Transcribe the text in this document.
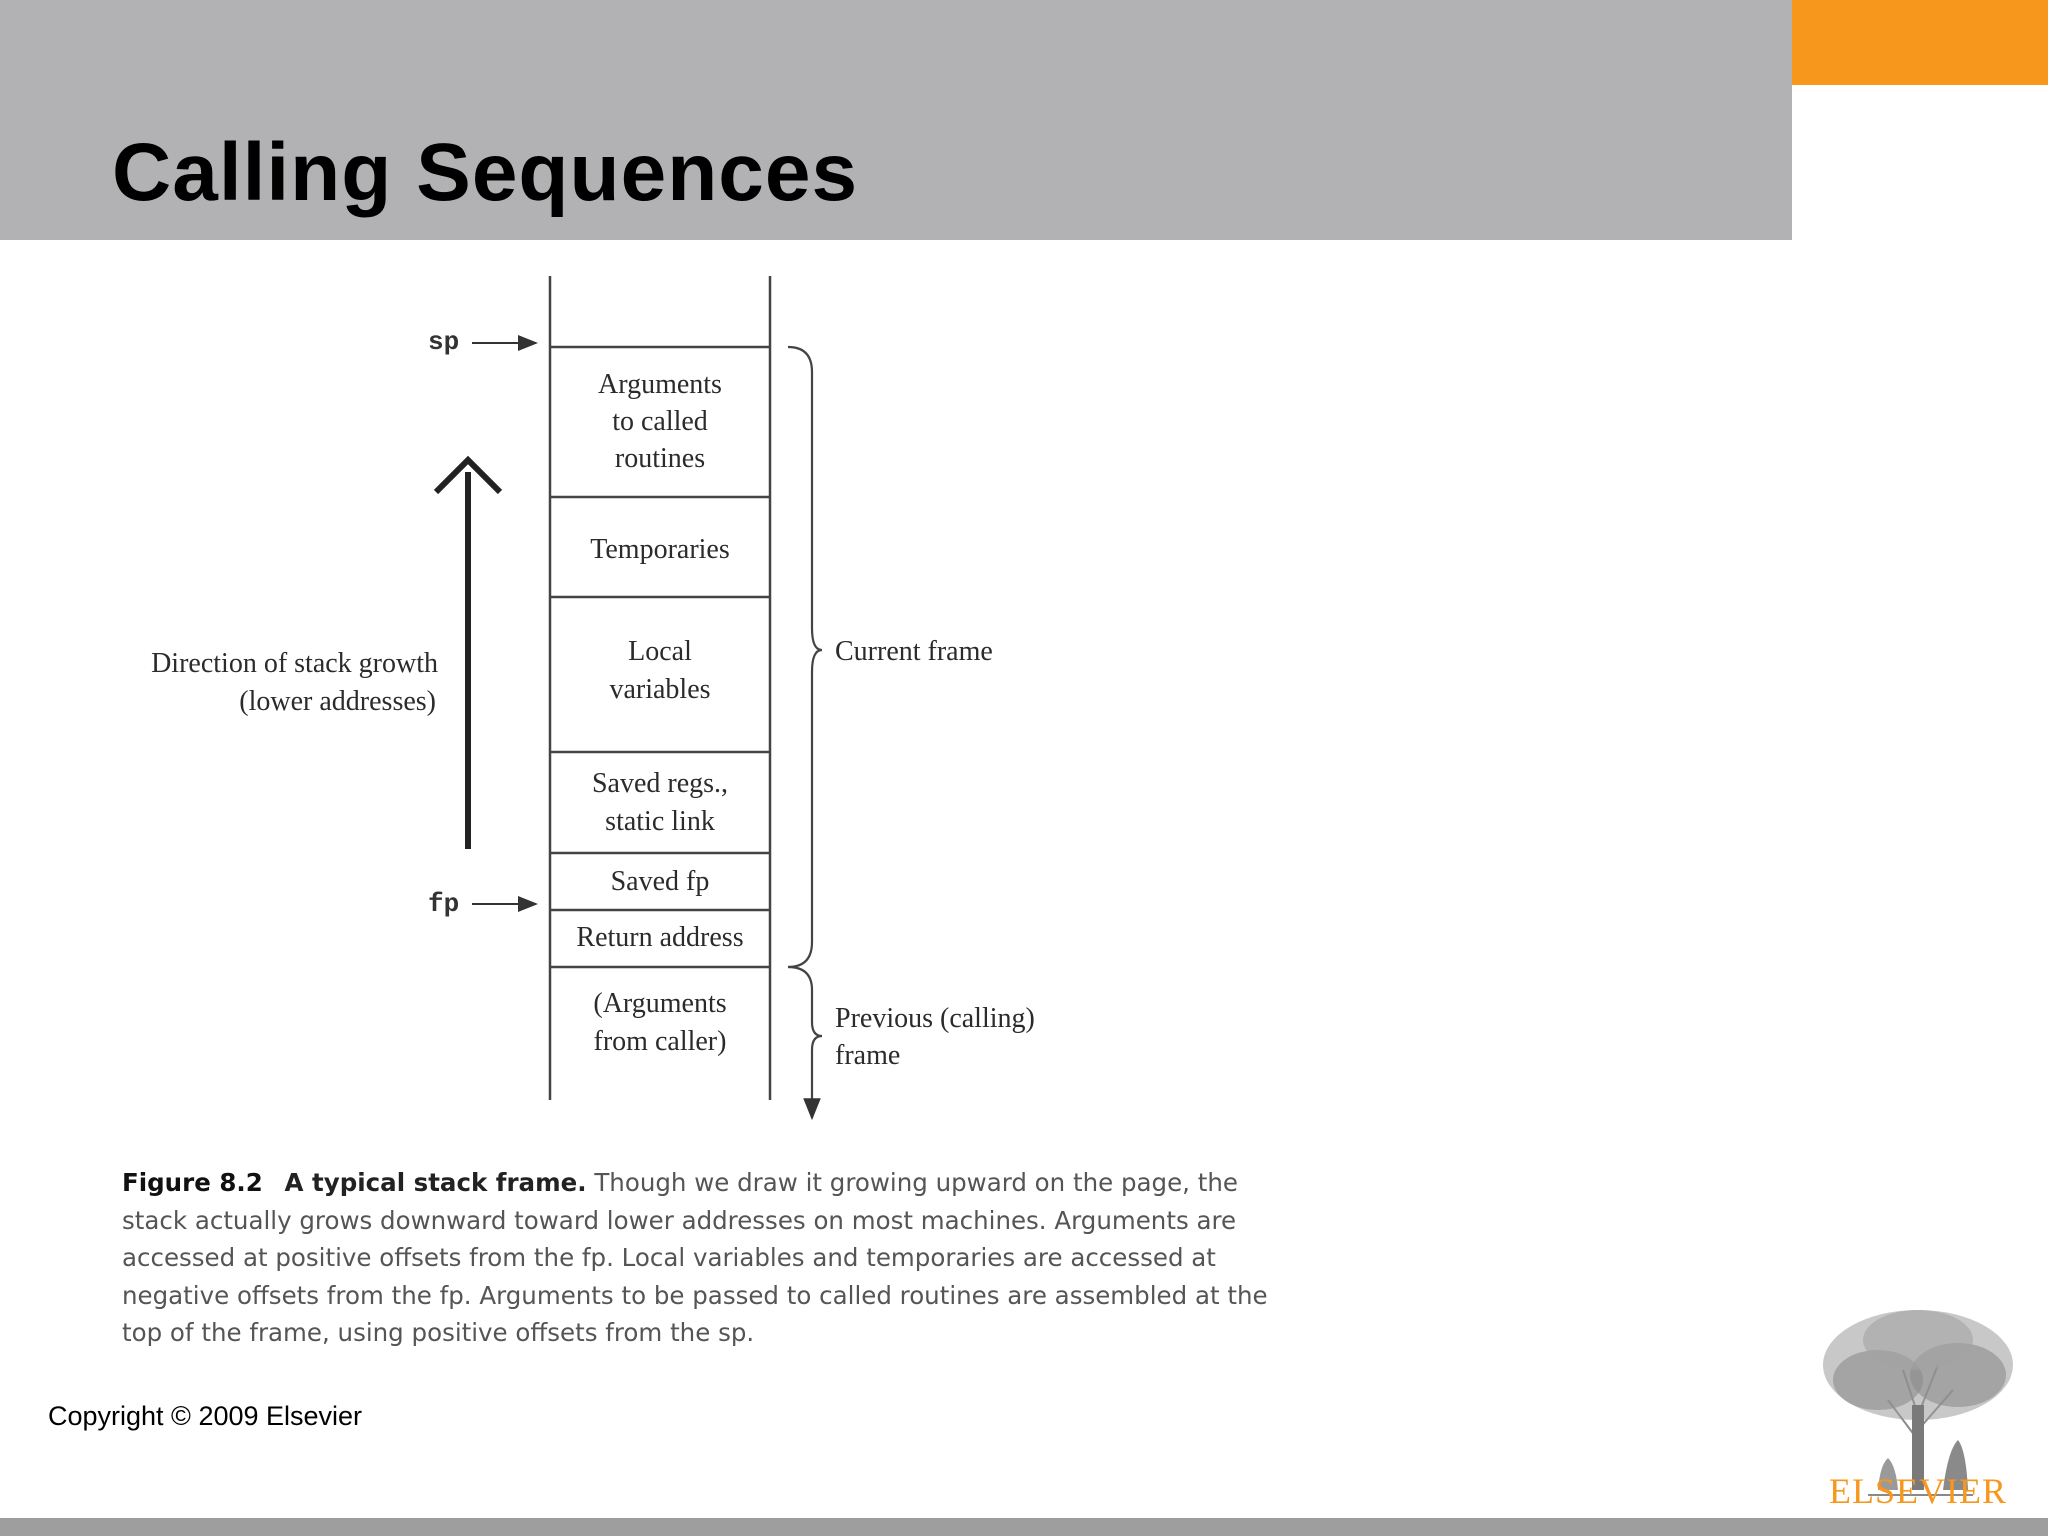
Calling Sequences
Arguments
to called
routines
Temporaries
Local
variables
Saved regs.,
static link
Saved fp
Return address
(Arguments
from caller)
sp
fp
Direction of stack growth
(lower addresses)
Current frame
Previous (calling)
frame
Figure 8.2 A typical stack frame. Though we draw it growing upward on the page, the stack actually grows downward toward lower addresses on most machines. Arguments are accessed at positive offsets from the fp. Local variables and temporaries are accessed at negative offsets from the fp. Arguments to be passed to called routines are assembled at the top of the frame, using positive offsets from the sp.
Copyright © 2009 Elsevier
ELSEVIER
